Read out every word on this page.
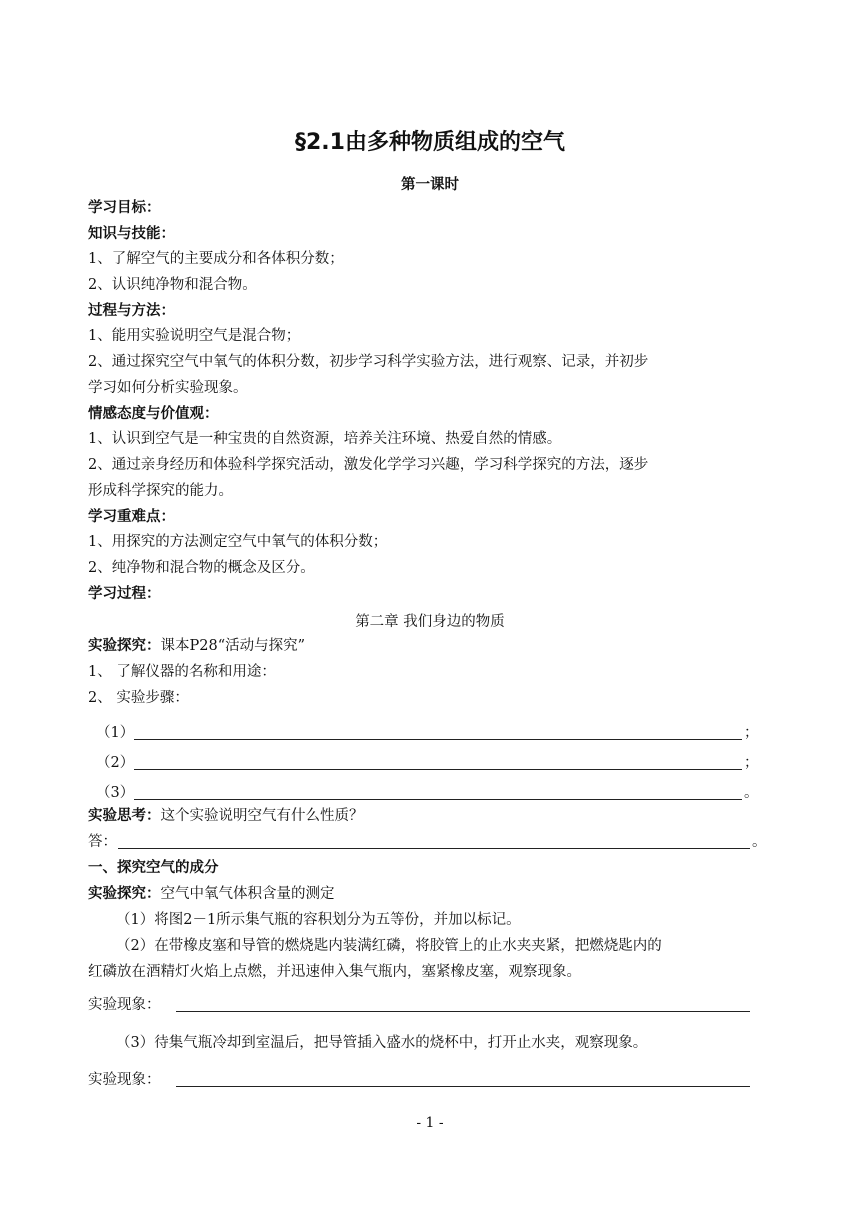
§2.1由多种物质组成的空气
第一课时
学习目标：
知识与技能：
1、了解空气的主要成分和各体积分数；
2、认识纯净物和混合物。
过程与方法：
1、能用实验说明空气是混合物；
2、通过探究空气中氧气的体积分数，初步学习科学实验方法，进行观察、记录，并初步
学习如何分析实验现象。
情感态度与价值观：
1、认识到空气是一种宝贵的自然资源，培养关注环境、热爱自然的情感。
2、通过亲身经历和体验科学探究活动，激发化学学习兴趣，学习科学探究的方法，逐步
形成科学探究的能力。
学习重难点：
1、用探究的方法测定空气中氧气的体积分数；
2、纯净物和混合物的概念及区分。
学习过程：
第二章 我们身边的物质
实验探究：课本P28“活动与探究”
1、 了解仪器的名称和用途：
2、 实验步骤：
（1）	；
（2）	；
（3）	。
实验思考：这个实验说明空气有什么性质？
答：	。
一、探究空气的成分
实验探究：空气中氧气体积含量的测定
（1）将图2－1所示集气瓶的容积划分为五等份，并加以标记。
（2）在带橡皮塞和导管的燃烧匙内装满红磷，将胶管上的止水夹夹紧，把燃烧匙内的
红磷放在酒精灯火焰上点燃，并迅速伸入集气瓶内，塞紧橡皮塞，观察现象。
实验现象：
（3）待集气瓶冷却到室温后，把导管插入盛水的烧杯中，打开止水夹，观察现象。
实验现象：
- 1 -
